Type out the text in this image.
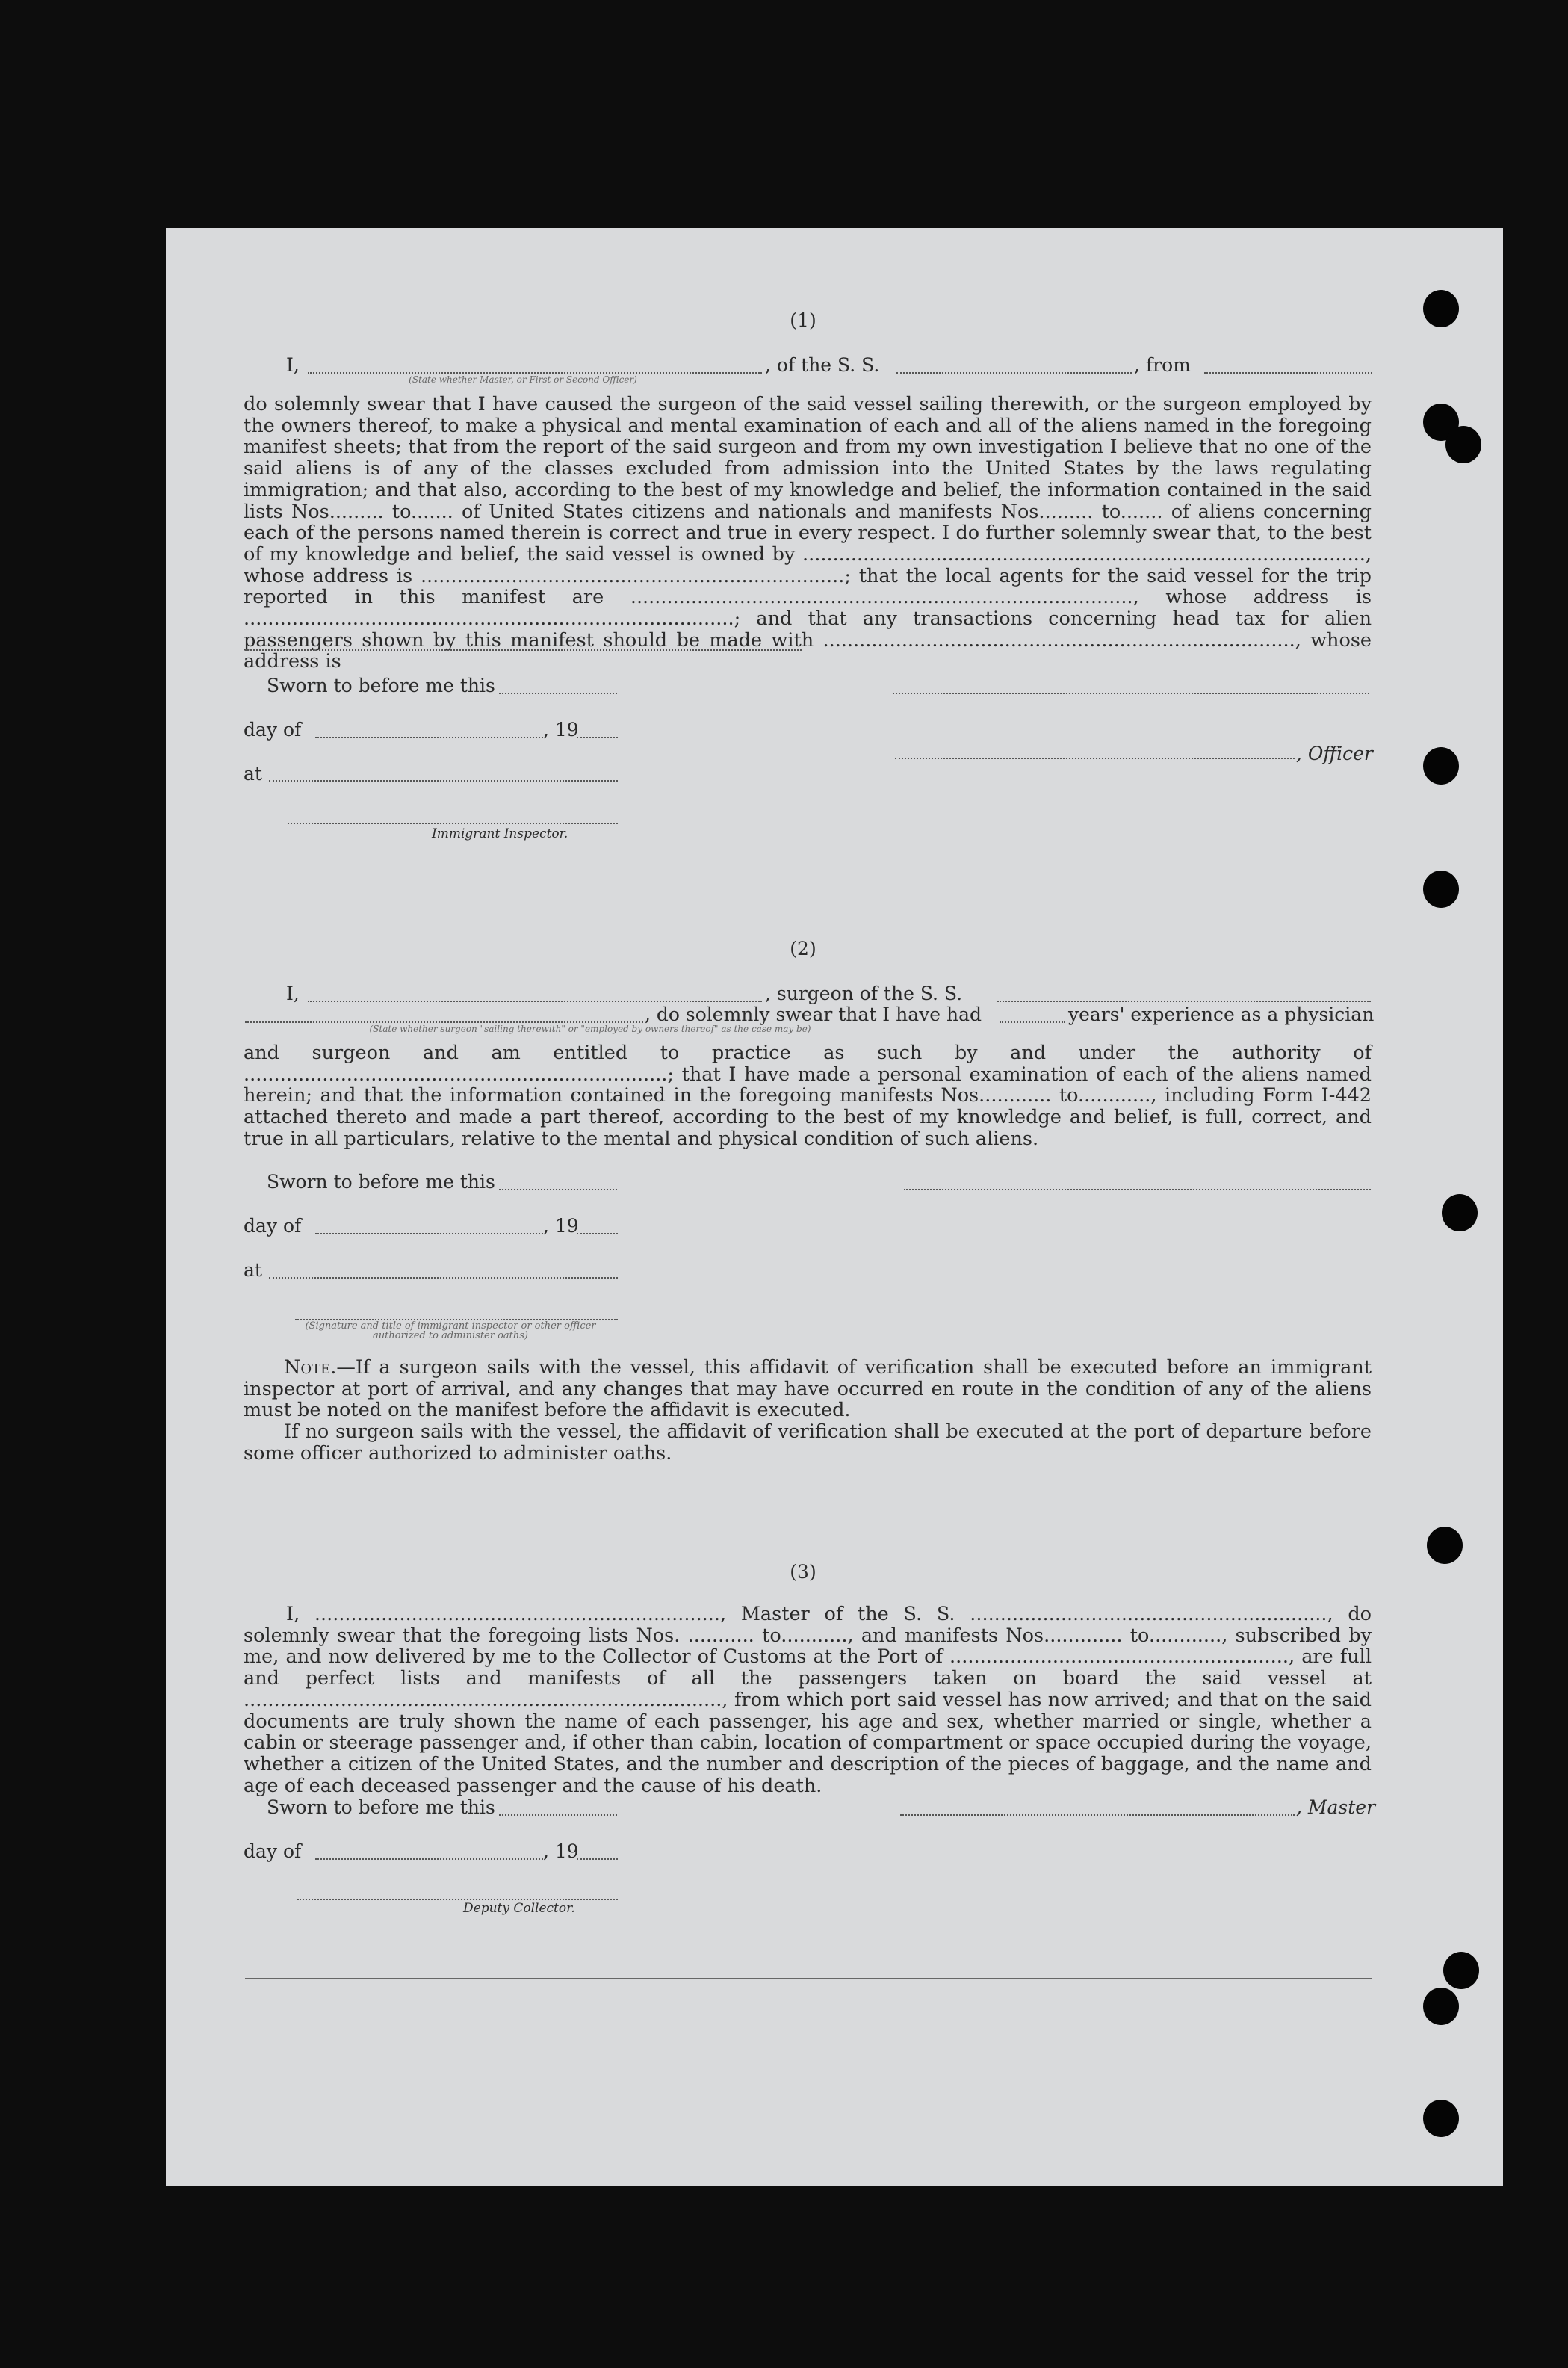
(1)
I,	, of the S. S.	, from
(State whether Master, or First or Second Officer)

do solemnly swear that I have caused the surgeon of the said vessel sailing therewith, or the surgeon employed by the owners thereof, to make a physical and mental examination of each and all of the aliens named in the foregoing manifest sheets; that from the report of the said surgeon and from my own investigation I believe that no one of the said aliens is of any of the classes excluded from admission into the United States by the laws regulating immigration; and that also, according to the best of my knowledge and belief, the information contained in the said lists Nos......... to....... of United States citizens and nationals and manifests Nos......... to....... of aliens concerning each of the persons named therein is correct and true in every respect. I do further solemnly swear that, to the best of my knowledge and belief, the said vessel is owned by ............................................................................................., whose address is ......................................................................; that the local agents for the said vessel for the trip reported in this manifest are ..................................................................................., whose address is .................................................................................; and that any transactions concerning head tax for alien passengers shown by this manifest should be made with .............................................................................., whose address is

Sworn to before me this
day of	, 19
, Officer
at
Immigrant Inspector.
(2)
I,	, surgeon of the S. S.
, do solemnly swear that I have had	years' experience as a physician
(State whether surgeon "sailing therewith" or "employed by owners thereof" as the case may be)

and surgeon and am entitled to practice as such by and under the authority of ......................................................................; that I have made a personal examination of each of the aliens named herein; and that the information contained in the foregoing manifests Nos............ to............, including Form I-442 attached thereto and made a part thereof, according to the best of my knowledge and belief, is full, correct, and true in all particulars, relative to the mental and physical condition of such aliens.

Sworn to before me this
day of	, 19
at
(Signature and title of immigrant inspector or other officer authorized to administer oaths)

Note.—If a surgeon sails with the vessel, this affidavit of verification shall be executed before an immigrant inspector at port of arrival, and any changes that may have occurred en route in the condition of any of the aliens must be noted on the manifest before the affidavit is executed.

If no surgeon sails with the vessel, the affidavit of verification shall be executed at the port of departure before some officer authorized to administer oaths.

(3)

I, ..................................................................., Master of the S. S. ..........................................................., do solemnly swear that the foregoing lists Nos. ........... to..........., and manifests Nos............. to............, subscribed by me, and now delivered by me to the Collector of Customs at the Port of ........................................................, are full and perfect lists and manifests of all the passengers taken on board the said vessel at ..............................................................................., from which port said vessel has now arrived; and that on the said documents are truly shown the name of each passenger, his age and sex, whether married or single, whether a cabin or steerage passenger and, if other than cabin, location of compartment or space occupied during the voyage, whether a citizen of the United States, and the number and description of the pieces of baggage, and the name and age of each deceased passenger and the cause of his death.

Sworn to before me this	, Master
day of	, 19
Deputy Collector.
